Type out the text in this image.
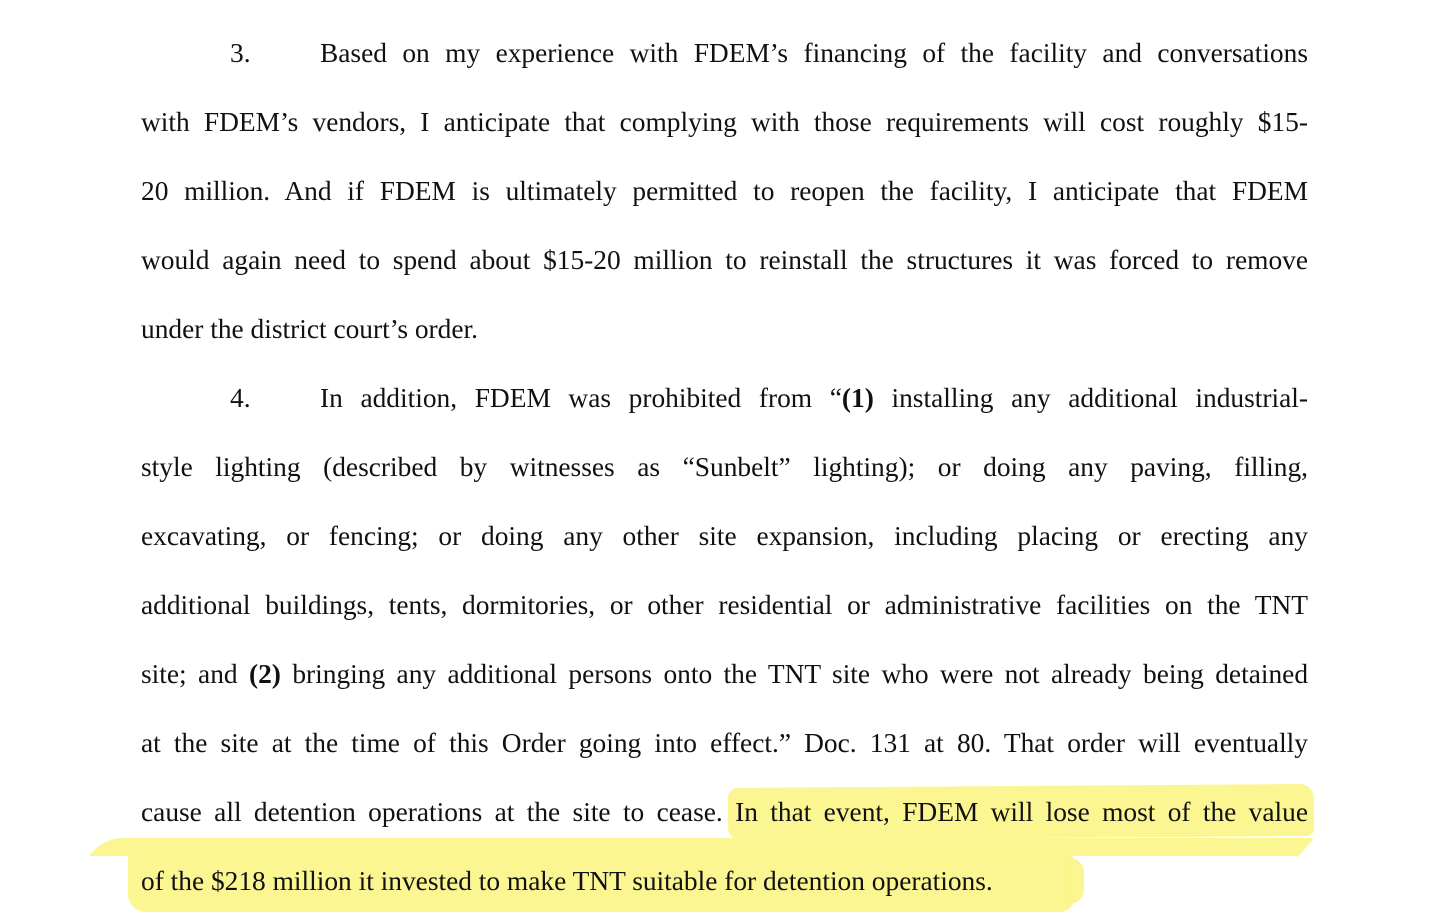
3.	Based on my experience with FDEM’s financing of the facility and conversations
with FDEM’s vendors, I anticipate that complying with those requirements will cost roughly $15-
20 million. And if FDEM is ultimately permitted to reopen the facility, I anticipate that FDEM
would again need to spend about $15-20 million to reinstall the structures it was forced to remove
under the district court’s order.
4.	In addition, FDEM was prohibited from “(1) installing any additional industrial-
style lighting (described by witnesses as “Sunbelt” lighting); or doing any paving, filling,
excavating, or fencing; or doing any other site expansion, including placing or erecting any
additional buildings, tents, dormitories, or other residential or administrative facilities on the TNT
site; and (2) bringing any additional persons onto the TNT site who were not already being detained
at the site at the time of this Order going into effect.” Doc. 131 at 80. That order will eventually
cause all detention operations at the site to cease. In that event, FDEM will lose most of the value
of the $218 million it invested to make TNT suitable for detention operations.
